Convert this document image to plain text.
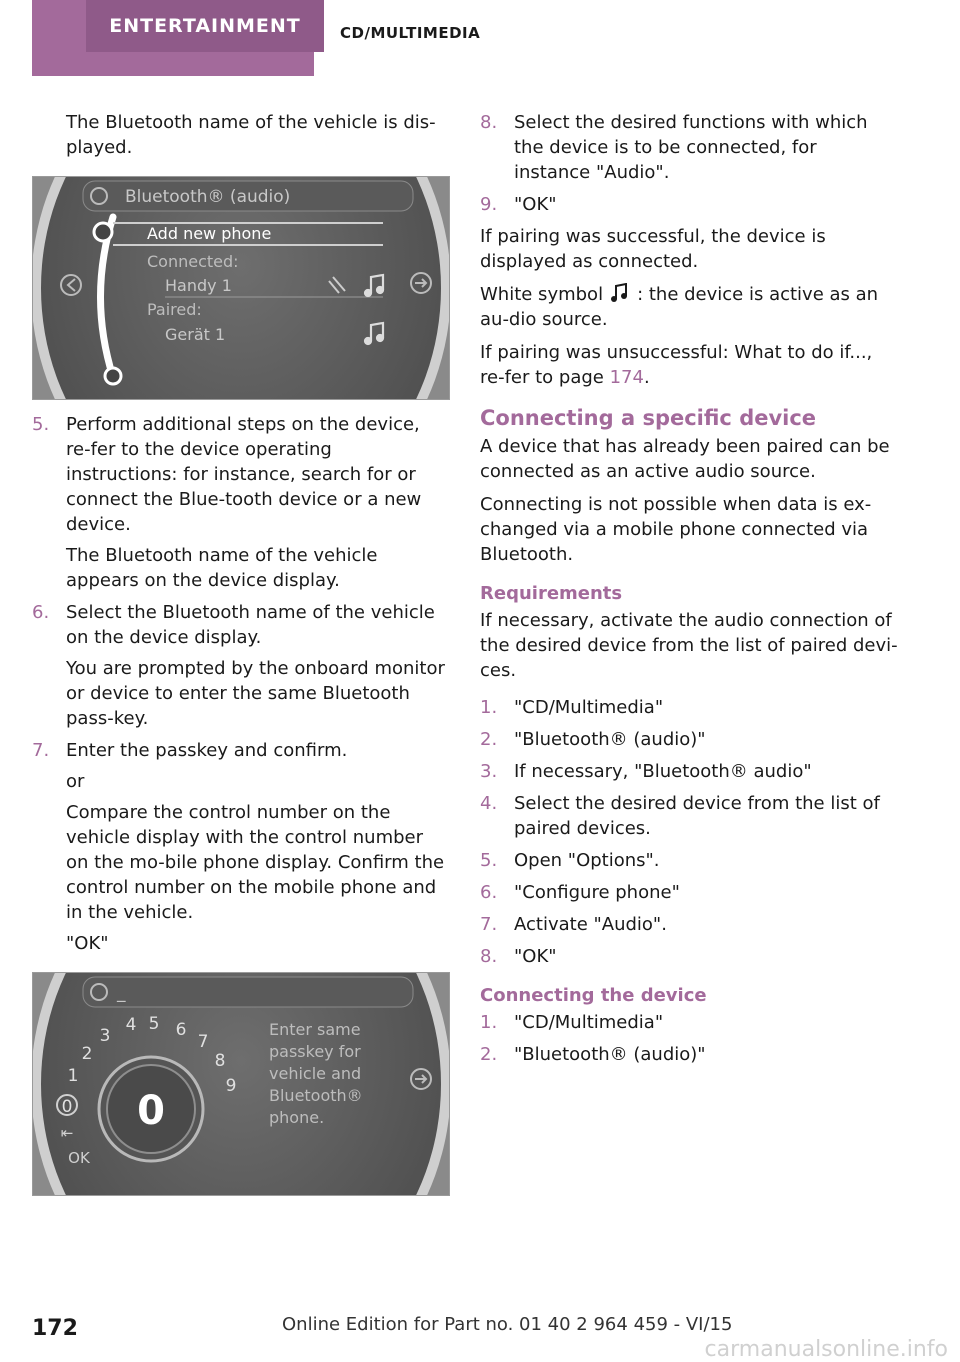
ENTERTAINMENT	CD/MULTIMEDIA

The Bluetooth name of the vehicle is dis-played.

Bluetooth® (audio)
Add new phone
Connected:
Handy 1
Paired:
Gerät 1
5. Perform additional steps on the device, re-fer to the device operating instructions: for instance, search for or connect the Blue-tooth device or a new device.

The Bluetooth name of the vehicle appears on the device display.

6. Select the Bluetooth name of the vehicle on the device display.

You are prompted by the onboard monitor or device to enter the same Bluetooth pass-key.

7. Enter the passkey and confirm.

or

Compare the control number on the vehicle display with the control number on the mo-bile phone display. Confirm the control number on the mobile phone and in the vehicle.

"OK"

_
0
0
1
2
3
4 5 6
7
8
9
⇤
OK
Enter same
passkey for
vehicle and
Bluetooth®
phone.
8. Select the desired functions with which the device is to be connected, for instance "Audio".

9. "OK"

If pairing was successful, the device is displayed as connected.

White symbol : the device is active as an au-dio source.

If pairing was unsuccessful: What to do if..., re-fer to page 174.

Connecting a specific device

A device that has already been paired can be connected as an active audio source.

Connecting is not possible when data is ex-changed via a mobile phone connected via Bluetooth.

Requirements

If necessary, activate the audio connection of the desired device from the list of paired devi-ces.

1. "CD/Multimedia"

2. "Bluetooth® (audio)"

3. If necessary, "Bluetooth® audio"

4. Select the desired device from the list of paired devices.

5. Open "Options".

6. "Configure phone"

7. Activate "Audio".

8. "OK"

Connecting the device
1. "CD/Multimedia"

2. "Bluetooth® (audio)"

172	Online Edition for Part no. 01 40 2 964 459 - VI/15
carmanualsonline.info
